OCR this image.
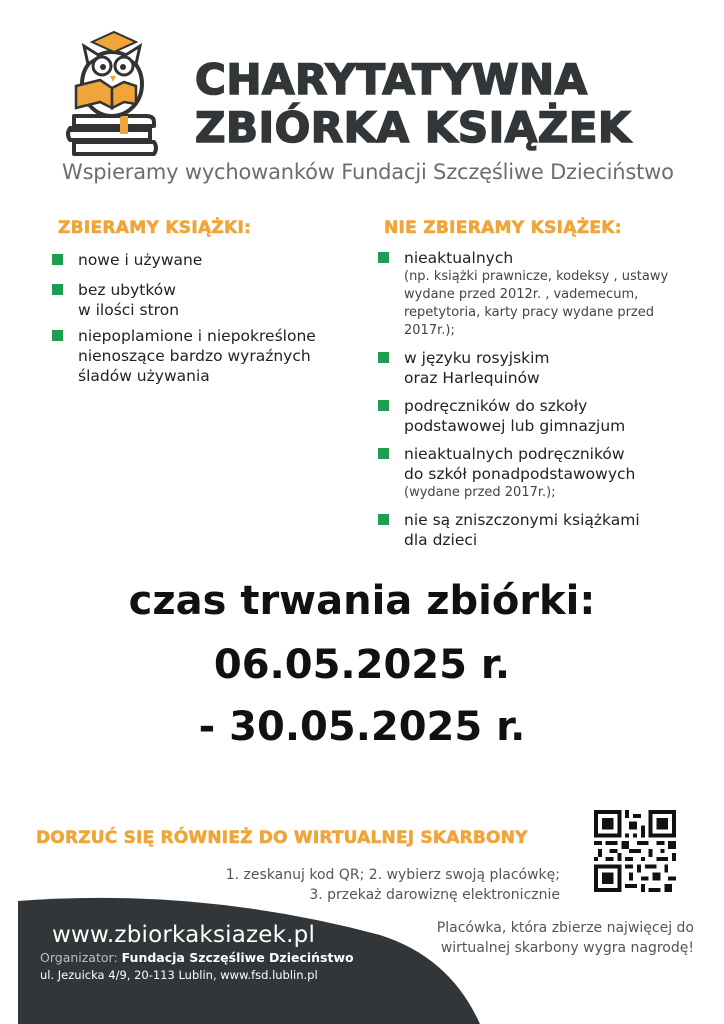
CHARYTATYWNA
ZBIÓRKA KSIĄŻEK
Wspieramy wychowanków Fundacji Szczęśliwe Dzieciństwo
ZBIERAMY KSIĄŻKI:
nowe i używane
bez ubytków
w ilości stron
niepoplamione i niepokreślone
nienoszące bardzo wyraźnych
śladów używania
NIE ZBIERAMY KSIĄŻEK:
nieaktualnych
(np. książki prawnicze, kodeksy , ustawy wydane przed 2012r. , vademecum, repetytoria, karty pracy wydane przed 2017r.);
w języku rosyjskim
oraz Harlequinów
podręczników do szkoły
podstawowej lub gimnazjum
nieaktualnych podręczników
do szkół ponadpodstawowych
(wydane przed 2017r.);
nie są zniszczonymi książkami
dla dzieci
czas trwania zbiórki:
06.05.2025 r.
- 30.05.2025 r.
DORZUĆ SIĘ RÓWNIEŻ DO WIRTUALNEJ SKARBONY
1. zeskanuj kod QR; 2. wybierz swoją placówkę;
3. przekaż darowiznę elektronicznie
www.zbiorkaksiazek.pl
Organizator: Fundacja Szczęśliwe Dzieciństwo
ul. Jezuicka 4/9, 20-113 Lublin, www.fsd.lublin.pl
Placówka, która zbierze najwięcej do
wirtualnej skarbony wygra nagrodę!
